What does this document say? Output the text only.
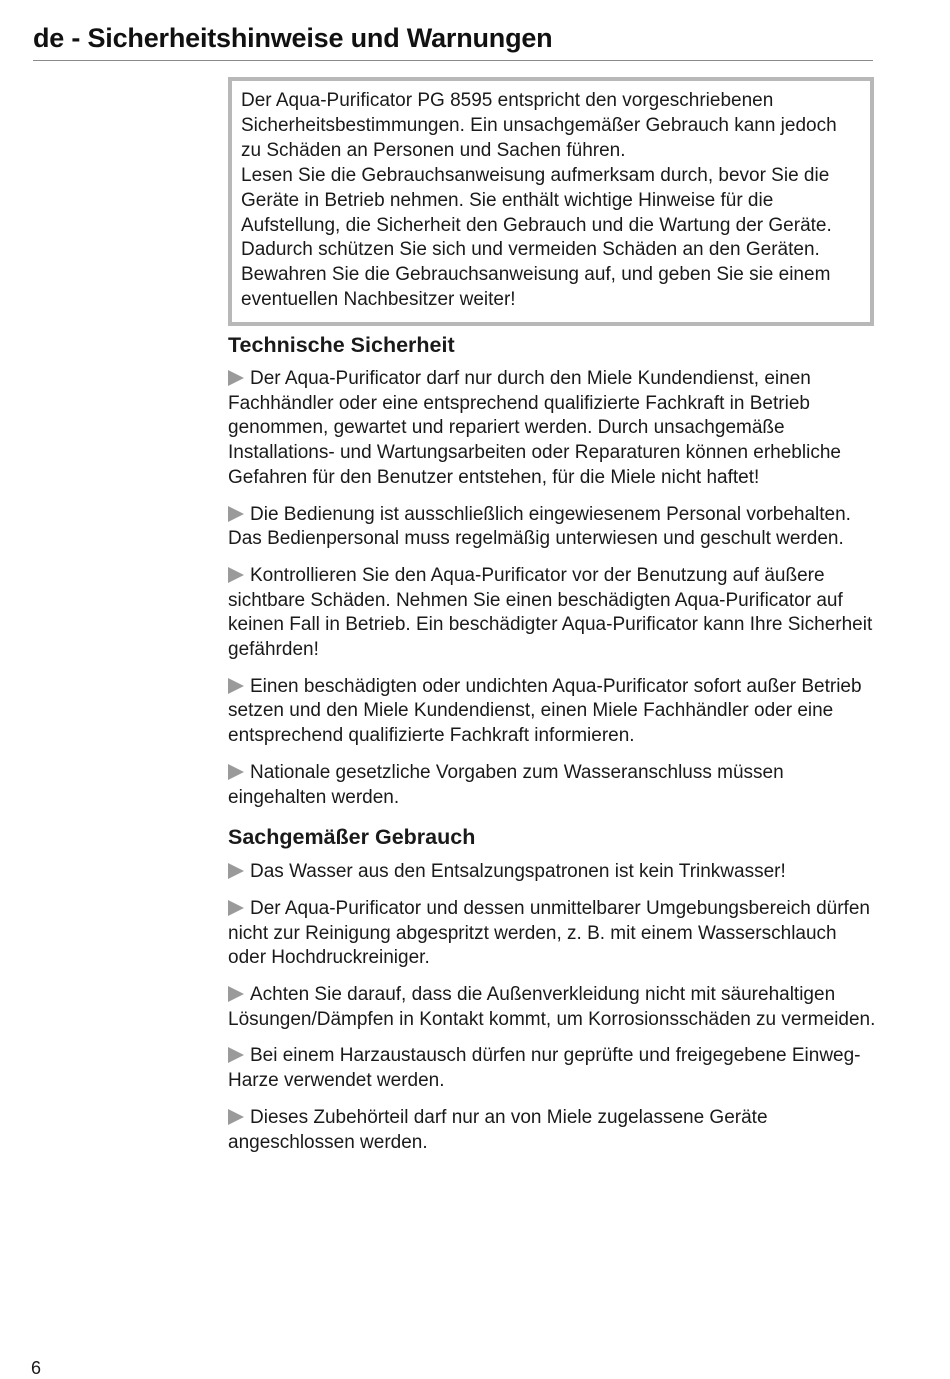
de - Sicherheitshinweise und Warnungen

Der Aqua-Purificator PG 8595 entspricht den vorgeschriebenen Sicherheitsbestimmungen. Ein unsachgemäßer Gebrauch kann jedoch zu Schäden an Personen und Sachen führen.

Lesen Sie die Gebrauchsanweisung aufmerksam durch, bevor Sie die Geräte in Betrieb nehmen. Sie enthält wichtige Hinweise für die Aufstellung, die Sicherheit den Gebrauch und die Wartung der Geräte. Dadurch schützen Sie sich und vermeiden Schäden an den Geräten. Bewahren Sie die Gebrauchsanweisung auf, und geben Sie sie einem eventuellen Nachbesitzer weiter!

Technische Sicherheit

Der Aqua-Purificator darf nur durch den Miele Kundendienst, einen Fachhändler oder eine entsprechend qualifizierte Fachkraft in Betrieb genommen, gewartet und repariert werden. Durch unsachgemäße Installations- und Wartungsarbeiten oder Reparaturen können erhebliche Gefahren für den Benutzer entstehen, für die Miele nicht haftet!

Die Bedienung ist ausschließlich eingewiesenem Personal vorbehalten. Das Bedienpersonal muss regelmäßig unterwiesen und geschult werden.

Kontrollieren Sie den Aqua-Purificator vor der Benutzung auf äußere sichtbare Schäden. Nehmen Sie einen beschädigten Aqua-Purificator auf keinen Fall in Betrieb. Ein beschädigter Aqua-Purificator kann Ihre Sicherheit gefährden!

Einen beschädigten oder undichten Aqua-Purificator sofort außer Betrieb setzen und den Miele Kundendienst, einen Miele Fachhändler oder eine entsprechend qualifizierte Fachkraft informieren.

Nationale gesetzliche Vorgaben zum Wasseranschluss müssen eingehalten werden.

Sachgemäßer Gebrauch

Das Wasser aus den Entsalzungspatronen ist kein Trinkwasser!

Der Aqua-Purificator und dessen unmittelbarer Umgebungsbereich dürfen nicht zur Reinigung abgespritzt werden, z. B. mit einem Wasserschlauch oder Hochdruckreiniger.

Achten Sie darauf, dass die Außenverkleidung nicht mit säurehaltigen Lösungen/Dämpfen in Kontakt kommt, um Korrosionsschäden zu vermeiden.

Bei einem Harzaustausch dürfen nur geprüfte und freigegebene Einweg-Harze verwendet werden.

Dieses Zubehörteil darf nur an von Miele zugelassene Geräte angeschlossen werden.

6
